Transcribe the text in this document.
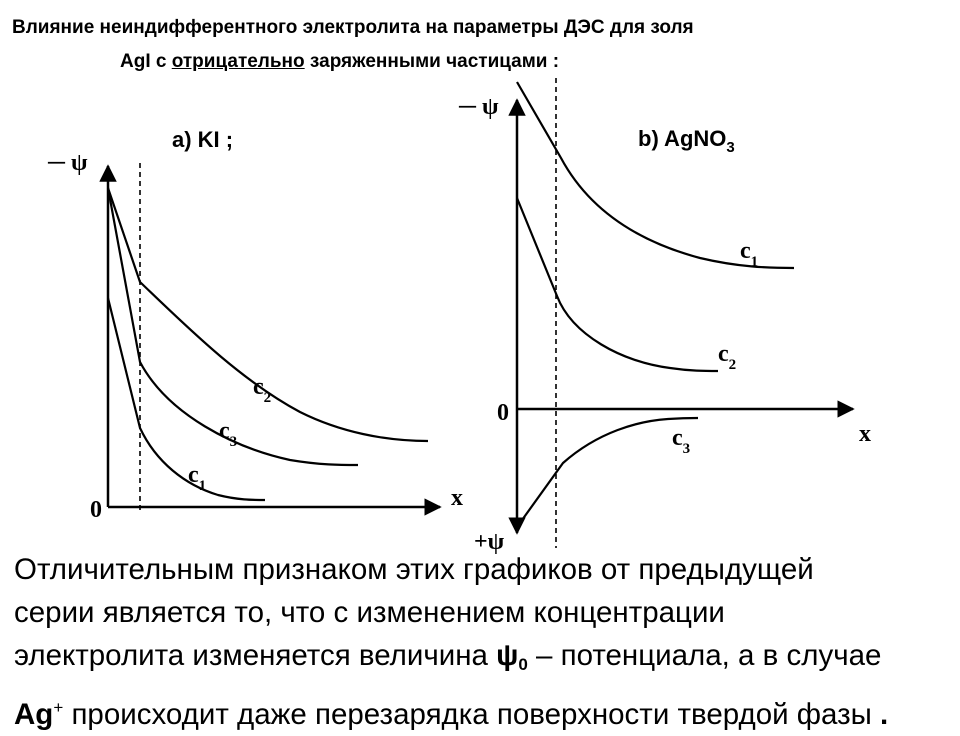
Влияние неиндифферентного электролита на параметры ДЭС для золя
AgI с отрицательно заряженными частицами :
a) KI ;
─ ψ
x
0
$c_2$
$c_3$
$c_1$
b) AgNO$_3$
─ ψ
+ψ
x
0
$c_1$
$c_2$
$c_3$
Отличительным признаком этих графиков от предыдущей
серии является то, что с изменением концентрации
электролита изменяется величина $\psi_0$ – потенциала, а в случае
Ag+ происходит даже перезарядка поверхности твердой фазы .
